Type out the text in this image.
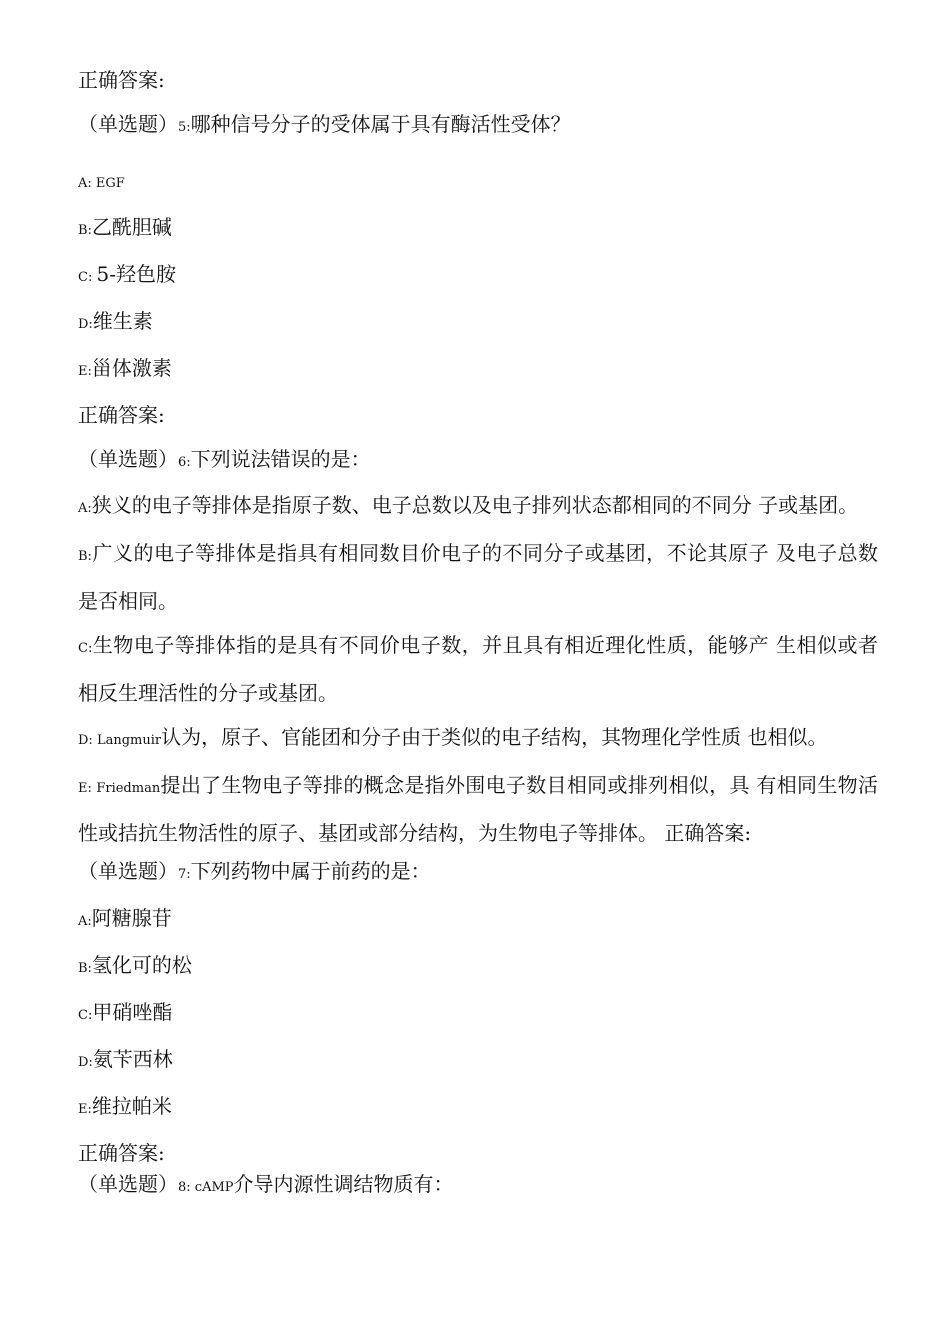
正确答案:

（单选题）5:哪种信号分子的受体属于具有酶活性受体？

A: EGF

B:乙酰胆碱

C: 5-羟色胺

D:维生素

E:甾体激素

正确答案:

（单选题）6:下列说法错误的是：

A:狭义的电子等排体是指原子数、电子总数以及电子排列状态都相同的不同分 子或基团。

B:广义的电子等排体是指具有相同数目价电子的不同分子或基团，不论其原子 及电子总数是否相同。

C:生物电子等排体指的是具有不同价电子数，并且具有相近理化性质，能够产 生相似或者相反生理活性的分子或基团。

D: Langmuir认为，原子、官能团和分子由于类似的电子结构，其物理化学性质 也相似。

E: Friedman提出了生物电子等排的概念是指外围电子数目相同或排列相似，具 有相同生物活性或拮抗生物活性的原子、基团或部分结构，为生物电子等排体。 正确答案:

（单选题）7:下列药物中属于前药的是：

A:阿糖腺苷

B:氢化可的松

C:甲硝唑酯

D:氨苄西林

E:维拉帕米

正确答案:

（单选题）8: cAMP介导内源性调结物质有：
